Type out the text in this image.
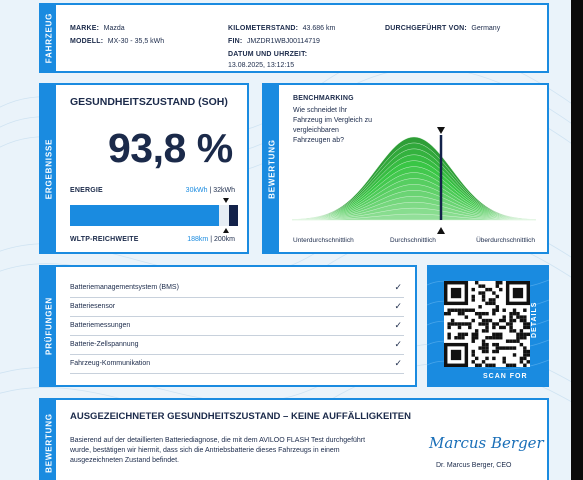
FAHRZEUG MARKE: Mazda
MODELL: MX-30 - 35,5 kWh
KILOMETERSTAND: 43.686 km
FIN: JMZDR1WBJ00114719
DATUM UND UHRZEIT:
13.08.2025, 13:12:15
DURCHGEFÜHRT VON: Germany
ERGEBNISSE
GESUNDHEITSZUSTAND (SOH)
93,8 %
ENERGIE	30kWh | 32kWh
WLTP-REICHWEITE	188km | 200km
BEWERTUNG
BENCHMARKING
Wie schneidet Ihr
Fahrzeug im Vergleich zu
vergleichbaren
Fahrzeugen ab?
Unterdurchschnittlich	Durchschnittlich	Überdurchschnittlich
PRÜFUNGEN
Batteriemanagementsystem (BMS)	✓
Batteriesensor	✓
Batteriemessungen	✓
Batterie-Zellspannung	✓
Fahrzeug-Kommunikation	✓
SCAN FOR
DETAILS
BEWERTUNG AUSGEZEICHNETER GESUNDHEITSZUSTAND – KEINE AUFFÄLLIGKEITEN
Basierend auf der detaillierten Batteriediagnose, die mit dem AVILOO FLASH Test durchgeführt
wurde, bestätigen wir hiermit, dass sich die Antriebsbatterie dieses Fahrzeugs in einem
ausgezeichneten Zustand befindet.
Marcus Berger
Dr. Marcus Berger, CEO
